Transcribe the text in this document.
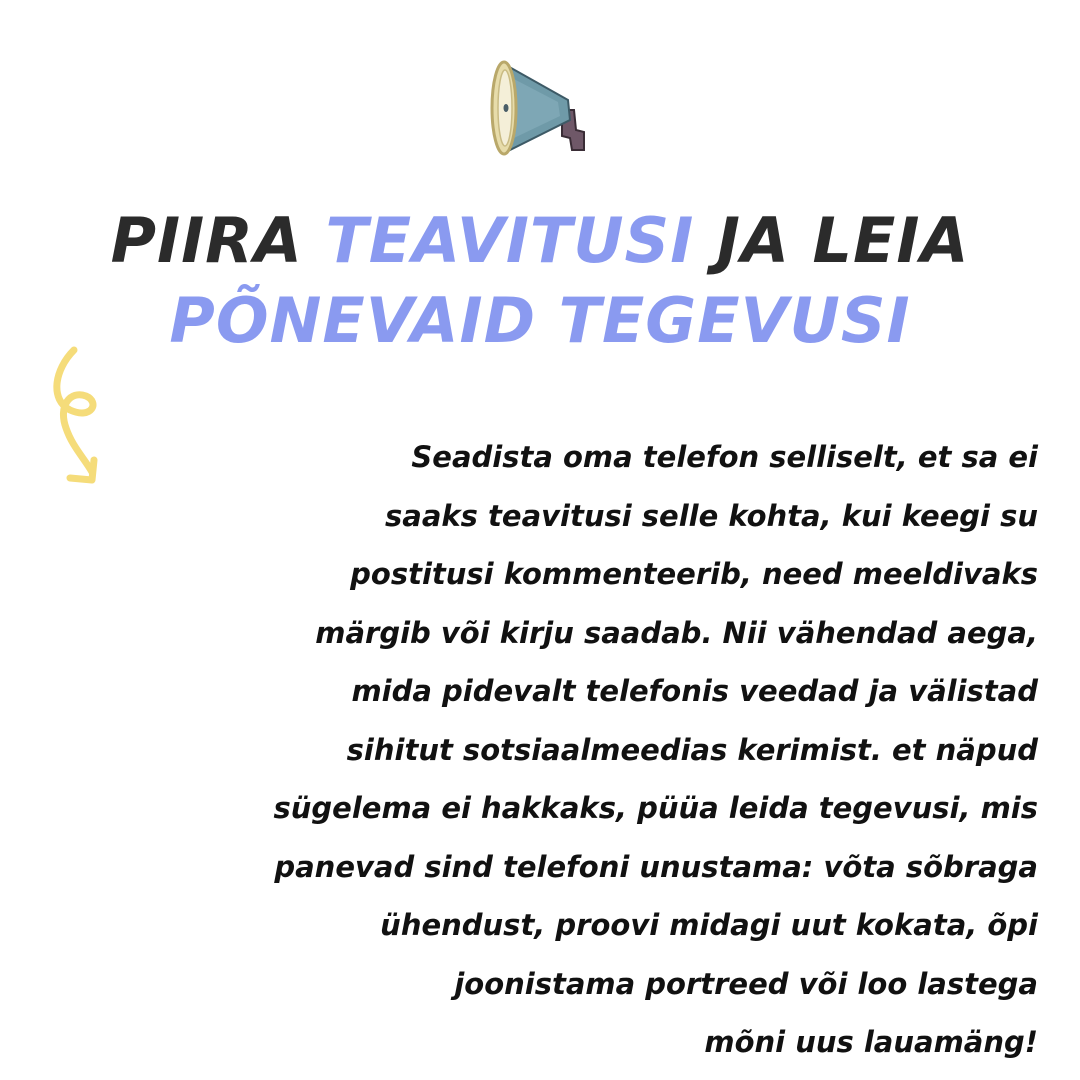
PIIRA TEAVITUSI JA LEIA
PÕNEVAID TEGEVUSI
Seadista oma telefon selliselt, et sa ei
saaks teavitusi selle kohta, kui keegi su
postitusi kommenteerib, need meeldivaks
märgib või kirju saadab. Nii vähendad aega,
mida pidevalt telefonis veedad ja välistad
sihitut sotsiaalmeedias kerimist. et näpud
sügelema ei hakkaks, püüa leida tegevusi, mis
panevad sind telefoni unustama: võta sõbraga
ühendust, proovi midagi uut kokata, õpi
joonistama portreed või loo lastega
mõni uus lauamäng!
